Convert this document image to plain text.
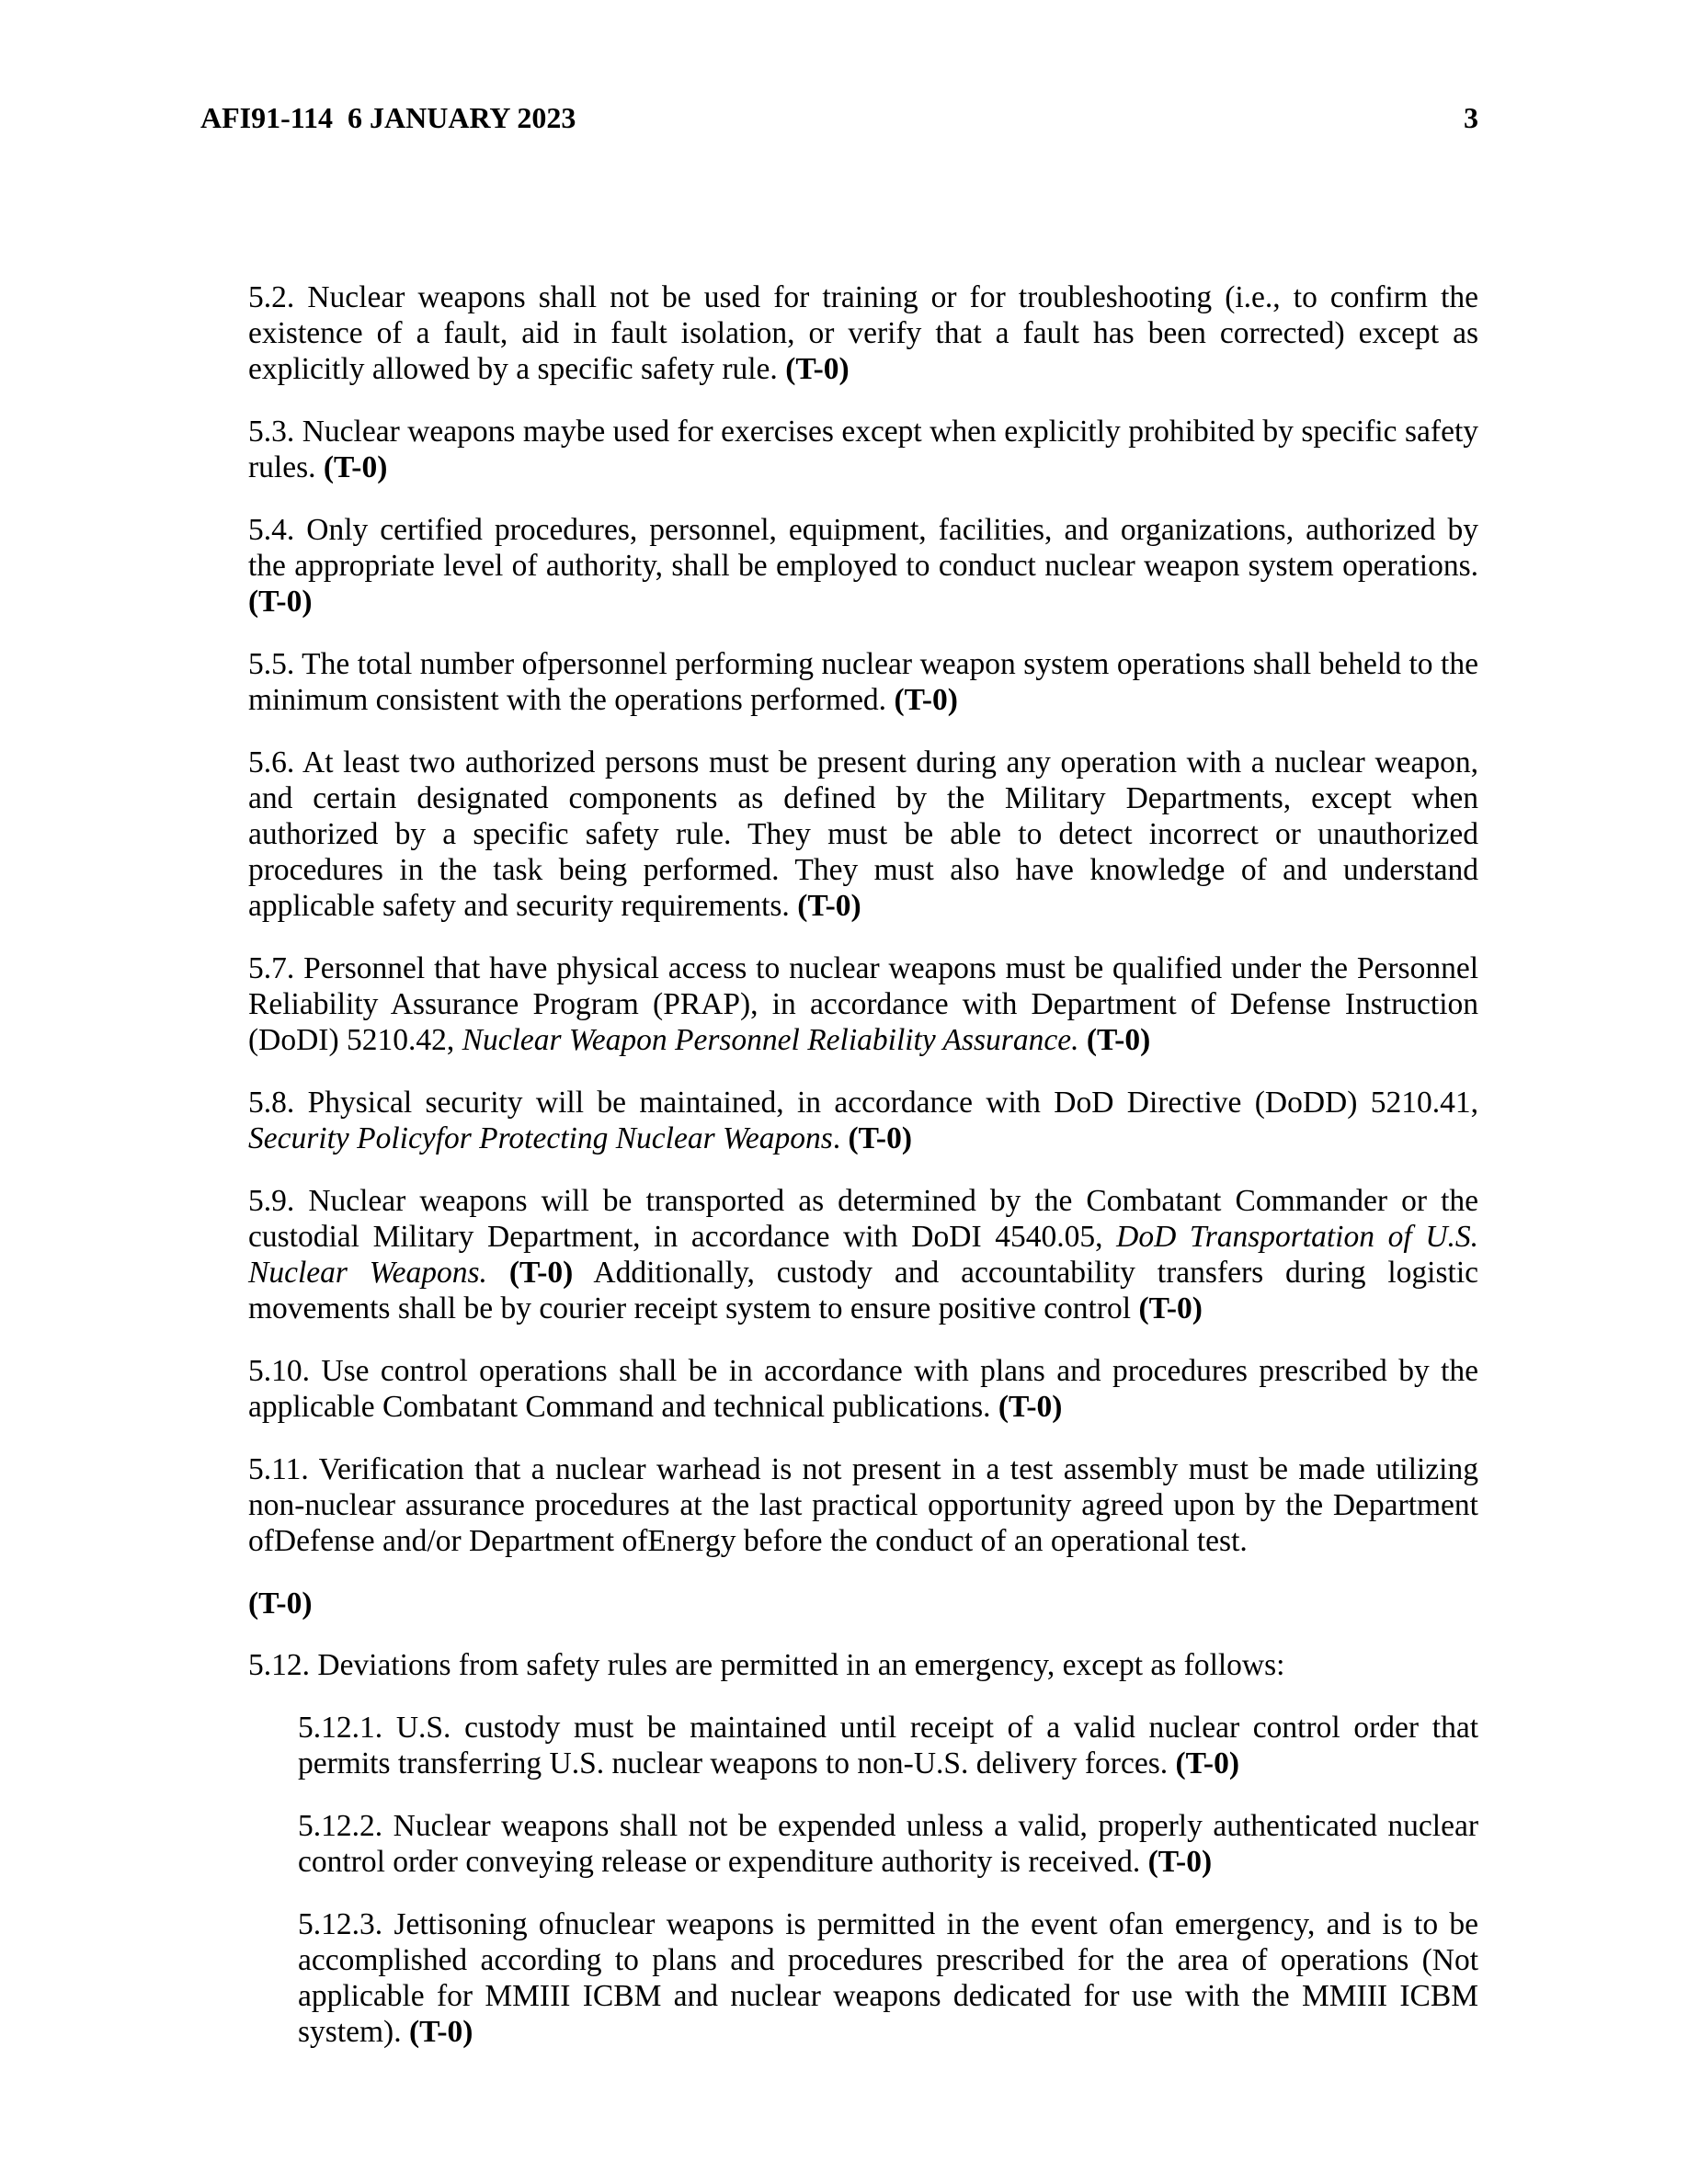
AFI91-114  6 JANUARY 2023	3

5.2. Nuclear weapons shall not be used for training or for troubleshooting (i.e., to confirm the existence of a fault, aid in fault isolation, or verify that a fault has been corrected) except as explicitly allowed by a specific safety rule. (T-0)

5.3. Nuclear weapons maybe used for exercises except when explicitly prohibited by specific safety rules. (T-0)

5.4. Only certified procedures, personnel, equipment, facilities, and organizations, authorized by the appropriate level of authority, shall be employed to conduct nuclear weapon system operations. (T-0)

5.5. The total number ofpersonnel performing nuclear weapon system operations shall beheld to the minimum consistent with the operations performed. (T-0)

5.6. At least two authorized persons must be present during any operation with a nuclear weapon, and certain designated components as defined by the Military Departments, except when authorized by a specific safety rule. They must be able to detect incorrect or unauthorized procedures in the task being performed. They must also have knowledge of and understand applicable safety and security requirements. (T-0)

5.7. Personnel that have physical access to nuclear weapons must be qualified under the Personnel Reliability Assurance Program (PRAP), in accordance with Department of Defense Instruction (DoDI) 5210.42, Nuclear Weapon Personnel Reliability Assurance. (T-0)

5.8. Physical security will be maintained, in accordance with DoD Directive (DoDD) 5210.41, Security Policyfor Protecting Nuclear Weapons. (T-0)

5.9. Nuclear weapons will be transported as determined by the Combatant Commander or the custodial Military Department, in accordance with DoDI 4540.05, DoD Transportation of U.S. Nuclear Weapons. (T-0) Additionally, custody and accountability transfers during logistic movements shall be by courier receipt system to ensure positive control (T-0)

5.10. Use control operations shall be in accordance with plans and procedures prescribed by the applicable Combatant Command and technical publications. (T-0)

5.11. Verification that a nuclear warhead is not present in a test assembly must be made utilizing non-nuclear assurance procedures at the last practical opportunity agreed upon by the Department ofDefense and/or Department ofEnergy before the conduct of an operational test.

(T-0)

5.12. Deviations from safety rules are permitted in an emergency, except as follows:

5.12.1. U.S. custody must be maintained until receipt of a valid nuclear control order that permits transferring U.S. nuclear weapons to non-U.S. delivery forces. (T-0)

5.12.2. Nuclear weapons shall not be expended unless a valid, properly authenticated nuclear control order conveying release or expenditure authority is received. (T-0)

5.12.3. Jettisoning ofnuclear weapons is permitted in the event ofan emergency, and is to be accomplished according to plans and procedures prescribed for the area of operations (Not applicable for MMIII ICBM and nuclear weapons dedicated for use with the MMIII ICBM system). (T-0)
